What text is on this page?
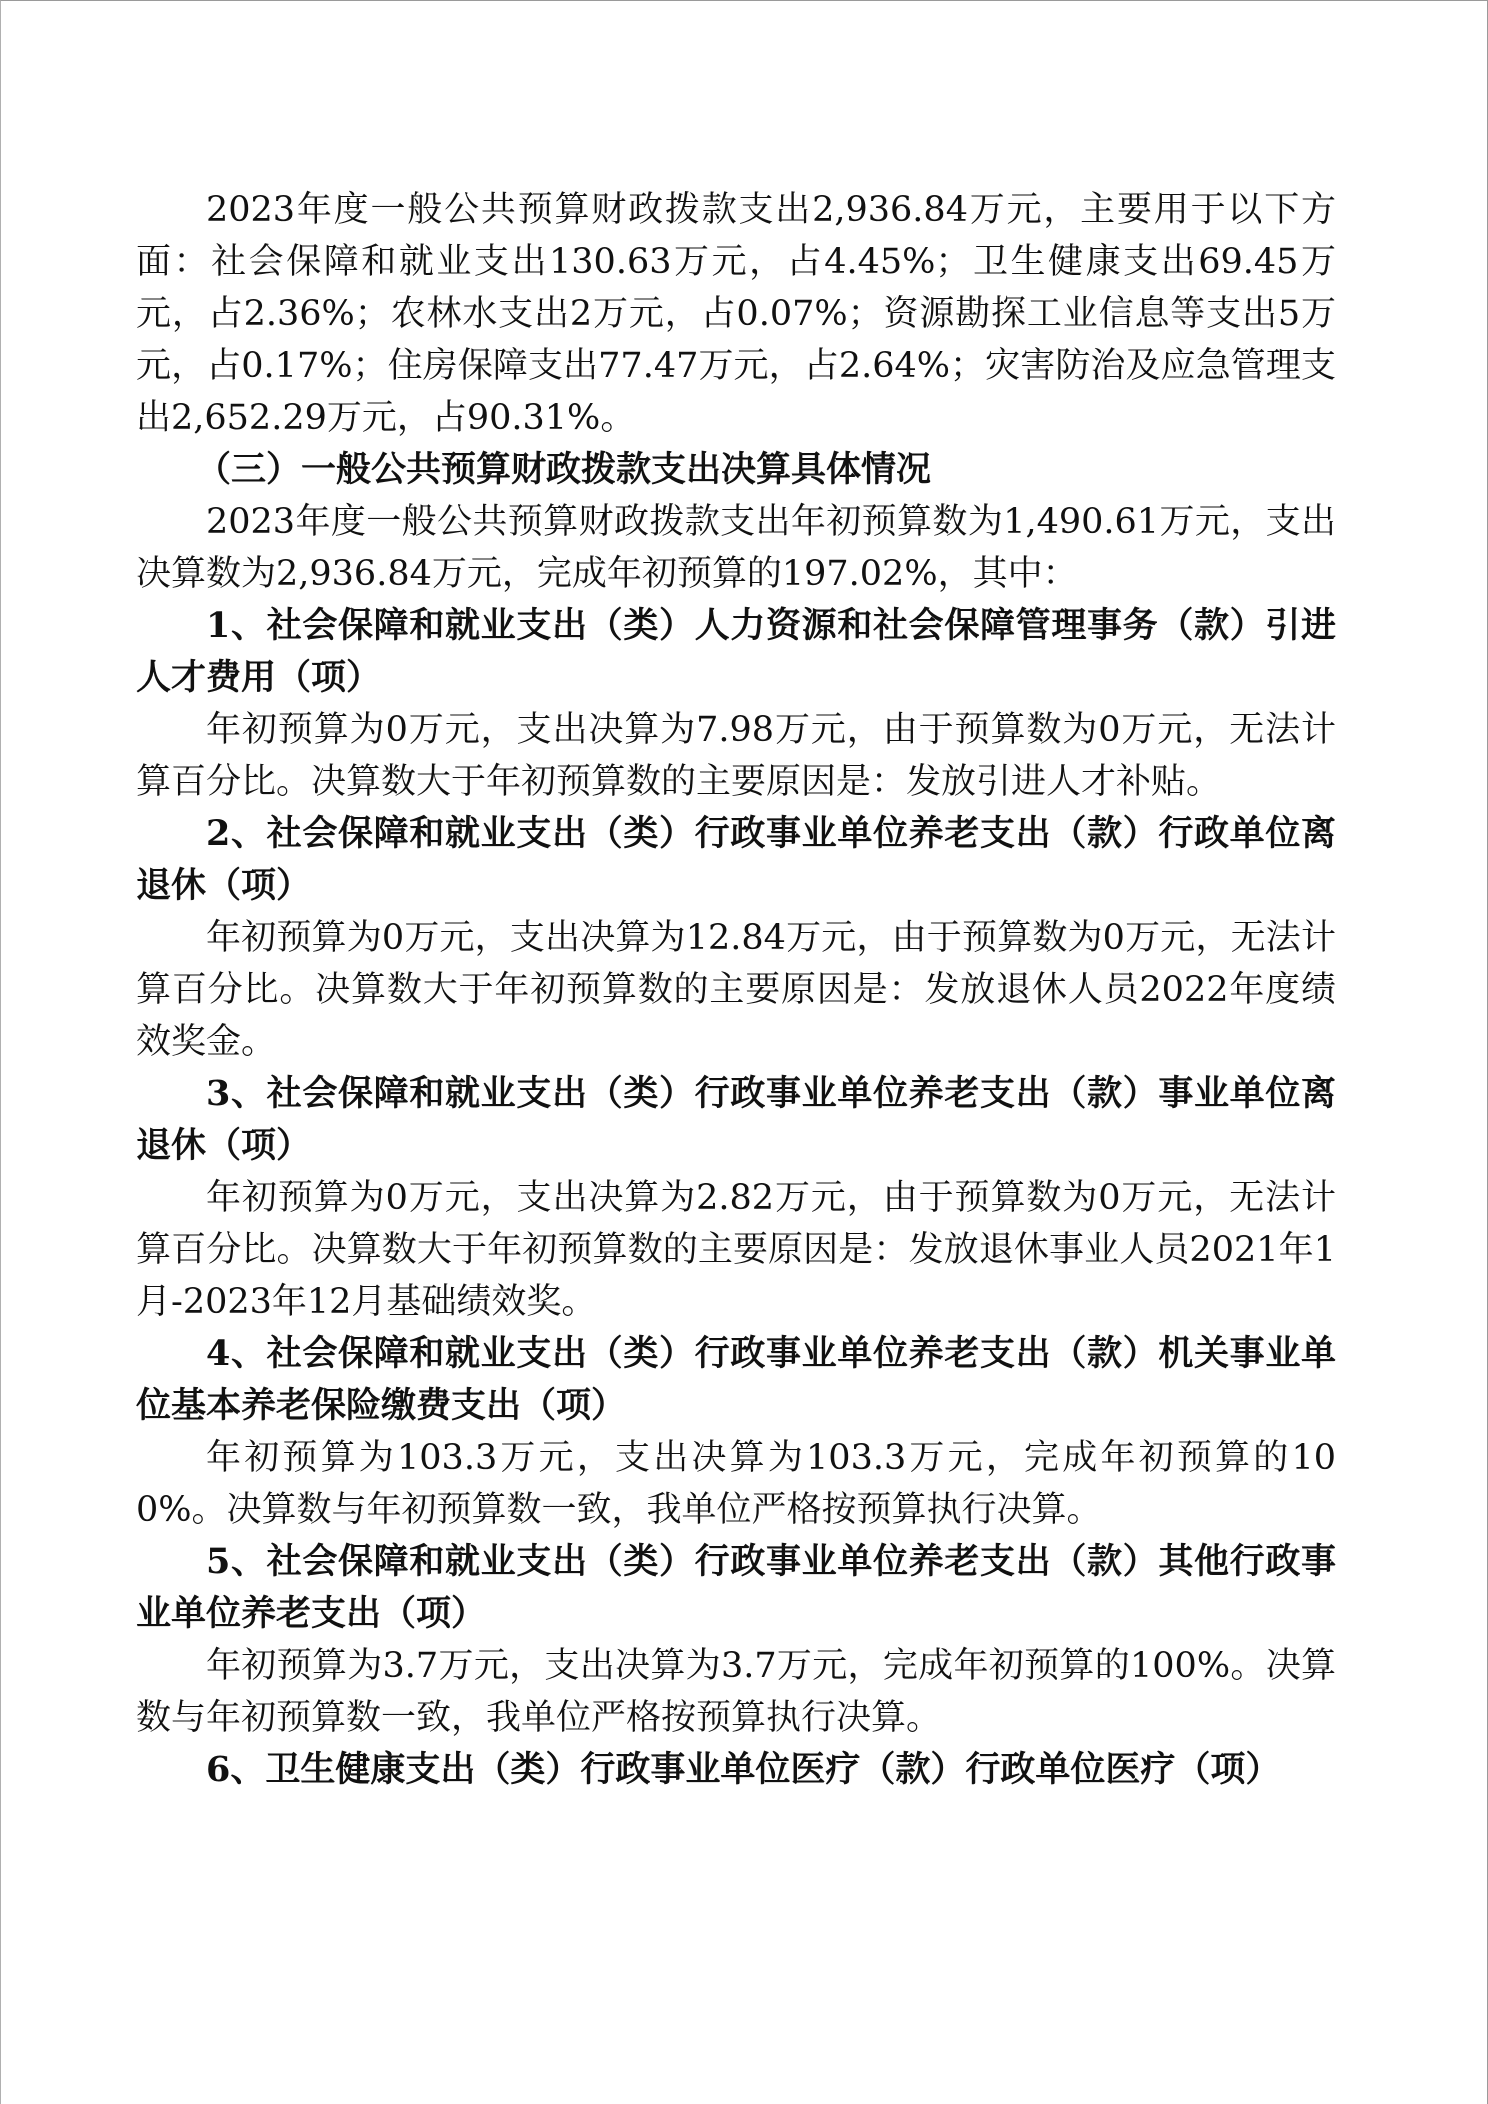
2023年度一般公共预算财政拨款支出2,936.84万元，主要用于以下方面：社会保障和就业支出130.63万元，占4.45%；卫生健康支出69.45万元，占2.36%；农林水支出2万元，占0.07%；资源勘探工业信息等支出5万元，占0.17%；住房保障支出77.47万元，占2.64%；灾害防治及应急管理支出2,652.29万元，占90.31%。

（三）一般公共预算财政拨款支出决算具体情况

2023年度一般公共预算财政拨款支出年初预算数为1,490.61万元，支出决算数为2,936.84万元，完成年初预算的197.02%，其中：

1、社会保障和就业支出（类）人力资源和社会保障管理事务（款）引进人才费用（项）

年初预算为0万元，支出决算为7.98万元，由于预算数为0万元，无法计算百分比。决算数大于年初预算数的主要原因是：发放引进人才补贴。

2、社会保障和就业支出（类）行政事业单位养老支出（款）行政单位离退休（项）

年初预算为0万元，支出决算为12.84万元，由于预算数为0万元，无法计算百分比。决算数大于年初预算数的主要原因是：发放退休人员2022年度绩效奖金。

3、社会保障和就业支出（类）行政事业单位养老支出（款）事业单位离退休（项）

年初预算为0万元，支出决算为2.82万元，由于预算数为0万元，无法计算百分比。决算数大于年初预算数的主要原因是：发放退休事业人员2021年1月-2023年12月基础绩效奖。

4、社会保障和就业支出（类）行政事业单位养老支出（款）机关事业单位基本养老保险缴费支出（项）

年初预算为103.3万元，支出决算为103.3万元，完成年初预算的100%。决算数与年初预算数一致，我单位严格按预算执行决算。

5、社会保障和就业支出（类）行政事业单位养老支出（款）其他行政事业单位养老支出（项）

年初预算为3.7万元，支出决算为3.7万元，完成年初预算的100%。决算数与年初预算数一致，我单位严格按预算执行决算。

6、卫生健康支出（类）行政事业单位医疗（款）行政单位医疗（项）
